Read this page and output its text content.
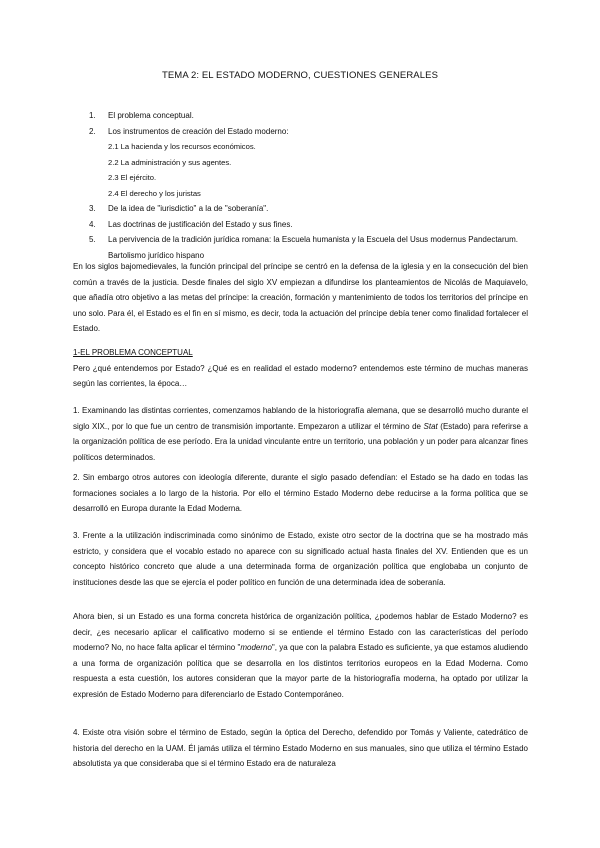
TEMA 2: EL ESTADO MODERNO, CUESTIONES GENERALES
1.	El problema conceptual.
2.	Los instrumentos de creación del Estado moderno:
2.1 La hacienda y los recursos económicos.
2.2 La administración y sus agentes.
2.3 El ejército.
2.4 El derecho y los juristas
3.	De la idea de "iurisdictio" a la de "soberanía".
4.	Las doctrinas de justificación del Estado y sus fines.
5.	La pervivencia de la tradición jurídica romana: la Escuela humanista y la Escuela del Usus modernus Pandectarum. Bartolismo jurídico hispano
En los siglos bajomedievales, la función principal del príncipe se centró en la defensa de la iglesia y en la consecución del bien común a través de la justicia. Desde finales del siglo XV empiezan a difundirse los planteamientos de Nicolás de Maquiavelo, que añadía otro objetivo a las metas del príncipe: la creación, formación y mantenimiento de todos los territorios del príncipe en uno solo. Para él, el Estado es el fin en sí mismo, es decir, toda la actuación del príncipe debía tener como finalidad fortalecer el Estado.
1-EL PROBLEMA CONCEPTUAL
Pero ¿qué entendemos por Estado? ¿Qué es en realidad el estado moderno? entendemos este término de muchas maneras según las corrientes, la época…
1. Examinando las distintas corrientes, comenzamos hablando de la historiografía alemana, que se desarrolló mucho durante el siglo XIX., por lo que fue un centro de transmisión importante. Empezaron a utilizar el término de Stat (Estado) para referirse a la organización política de ese período. Era la unidad vinculante entre un territorio, una población y un poder para alcanzar fines políticos determinados.
2. Sin embargo otros autores con ideología diferente, durante el siglo pasado defendían: el Estado se ha dado en todas las formaciones sociales a lo largo de la historia. Por ello el término Estado Moderno debe reducirse a la forma política que se desarrolló en Europa durante la Edad Moderna.
3. Frente a la utilización indiscriminada como sinónimo de Estado, existe otro sector de la doctrina que se ha mostrado más estricto, y considera que el vocablo estado no aparece con su significado actual hasta finales del XV. Entienden que es un concepto histórico concreto que alude a una determinada forma de organización política que englobaba un conjunto de instituciones desde las que se ejercía el poder político en función de una determinada idea de soberanía.
Ahora bien, si un Estado es una forma concreta histórica de organización política, ¿podemos hablar de Estado Moderno? es decir, ¿es necesario aplicar el calificativo moderno si se entiende el término Estado con las características del período moderno? No, no hace falta aplicar el término "moderno", ya que con la palabra Estado es suficiente, ya que estamos aludiendo a una forma de organización política que se desarrolla en los distintos territorios europeos en la Edad Moderna. Como respuesta a esta cuestión, los autores consideran que la mayor parte de la historiografía moderna, ha optado por utilizar la expresión de Estado Moderno para diferenciarlo de Estado Contemporáneo.
4. Existe otra visión sobre el término de Estado, según la óptica del Derecho, defendido por Tomás y Valiente, catedrático de historia del derecho en la UAM. Él jamás utiliza el término Estado Moderno en sus manuales, sino que utiliza el término Estado absolutista ya que consideraba que si el término Estado era de naturaleza
